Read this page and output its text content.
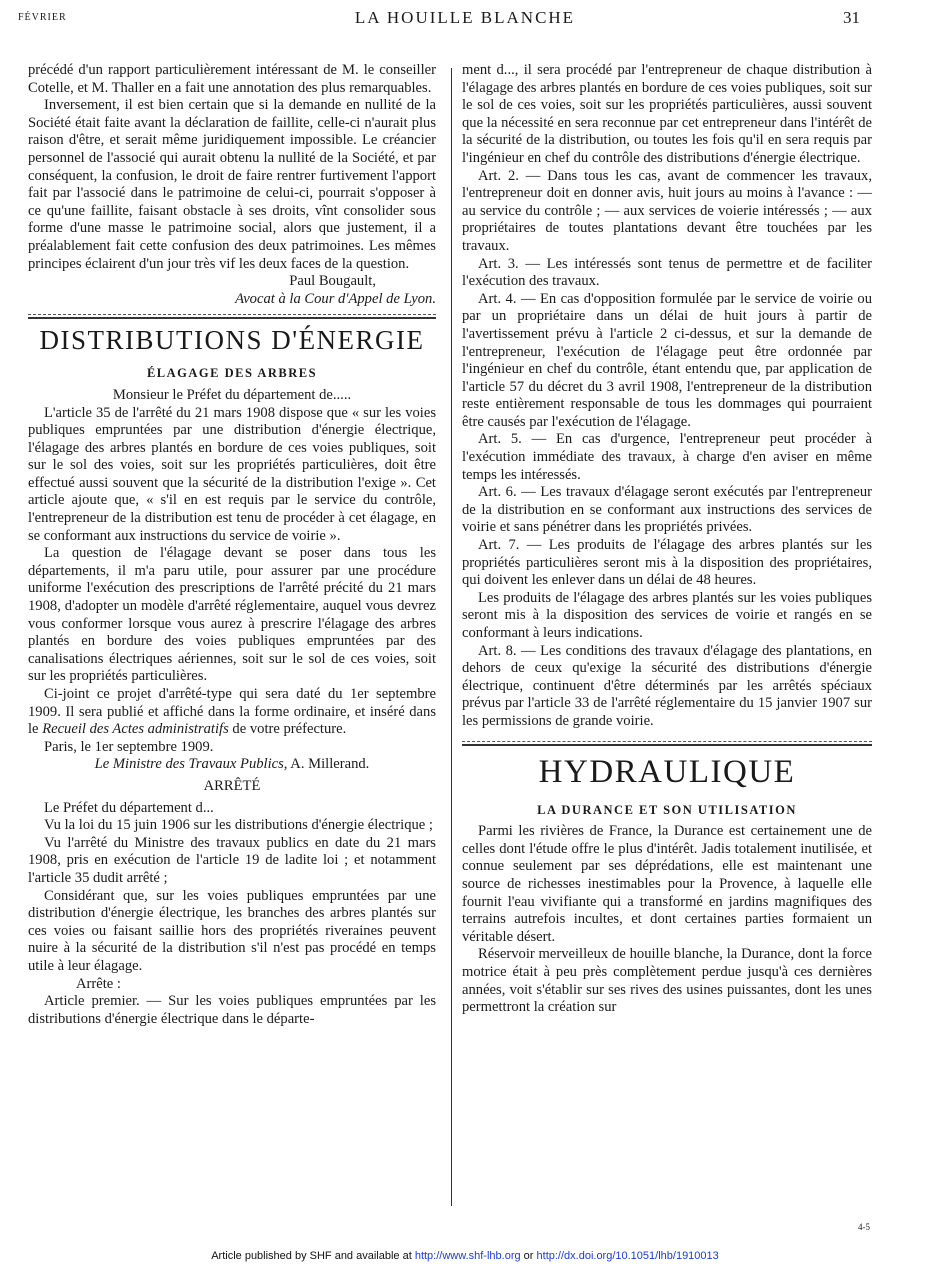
FÉVRIER	LA HOUILLE BLANCHE	31

précédé d'un rapport particulièrement intéressant de M. le conseiller Cotelle, et M. Thaller en a fait une annotation des plus remarquables.

Inversement, il est bien certain que si la demande en nullité de la Société était faite avant la déclaration de faillite, celle-ci n'aurait plus raison d'être, et serait même juridiquement impossible. Le créancier personnel de l'associé qui aurait obtenu la nullité de la Société, et par conséquent, la confusion, le droit de faire rentrer furtivement l'apport fait par l'associé dans le patrimoine de celui-ci, pourrait s'opposer à ce qu'une faillite, faisant obstacle à ses droits, vînt consolider sous forme d'une masse le patrimoine social, alors que justement, il a préalablement fait cette confusion des deux patrimoines. Les mêmes principes éclairent d'un jour très vif les deux faces de la question.

Paul Bougault,
Avocat à la Cour d'Appel de Lyon.
DISTRIBUTIONS D'ÉNERGIE
ÉLAGAGE DES ARBRES

Monsieur le Préfet du département de.....

L'article 35 de l'arrêté du 21 mars 1908 dispose que « sur les voies publiques empruntées par une distribution d'énergie électrique, l'élagage des arbres plantés en bordure de ces voies publiques, soit sur le sol des voies, soit sur les propriétés particulières, doit être effectué aussi souvent que la sécurité de la distribution l'exige ». Cet article ajoute que, « s'il en est requis par le service du contrôle, l'entrepreneur de la distribution est tenu de procéder à cet élagage, en se conformant aux instructions du service de voirie ».

La question de l'élagage devant se poser dans tous les départements, il m'a paru utile, pour assurer par une procédure uniforme l'exécution des prescriptions de l'arrêté précité du 21 mars 1908, d'adopter un modèle d'arrêté réglementaire, auquel vous devrez vous conformer lorsque vous aurez à prescrire l'élagage des arbres plantés en bordure des voies publiques empruntées par des canalisations électriques aériennes, soit sur le sol de ces voies, soit sur les propriétés particulières.

Ci-joint ce projet d'arrêté-type qui sera daté du 1er septembre 1909. Il sera publié et affiché dans la forme ordinaire, et inséré dans le Recueil des Actes administratifs de votre préfecture.

Paris, le 1er septembre 1909.

Le Ministre des Travaux Publics, A. Millerand.

ARRÊTÉ

Le Préfet du département d...

Vu la loi du 15 juin 1906 sur les distributions d'énergie électrique ;

Vu l'arrêté du Ministre des travaux publics en date du 21 mars 1908, pris en exécution de l'article 19 de ladite loi ; et notamment l'article 35 dudit arrêté ;

Considérant que, sur les voies publiques empruntées par une distribution d'énergie électrique, les branches des arbres plantés sur ces voies ou faisant saillie hors des propriétés riveraines peuvent nuire à la sécurité de la distribution s'il n'est pas procédé en temps utile à leur élagage.

Arrête :

Article premier. — Sur les voies publiques empruntées par les distributions d'énergie électrique dans le départe-

ment d..., il sera procédé par l'entrepreneur de chaque distribution à l'élagage des arbres plantés en bordure de ces voies publiques, soit sur le sol de ces voies, soit sur les propriétés particulières, aussi souvent que la nécessité en sera reconnue par cet entrepreneur dans l'intérêt de la sécurité de la distribution, ou toutes les fois qu'il en sera requis par l'ingénieur en chef du contrôle des distributions d'énergie électrique.

Art. 2. — Dans tous les cas, avant de commencer les travaux, l'entrepreneur doit en donner avis, huit jours au moins à l'avance : — au service du contrôle ; — aux services de voierie intéressés ; — aux propriétaires de toutes plantations devant être touchées par les travaux.

Art. 3. — Les intéressés sont tenus de permettre et de faciliter l'exécution des travaux.

Art. 4. — En cas d'opposition formulée par le service de voirie ou par un propriétaire dans un délai de huit jours à partir de l'avertissement prévu à l'article 2 ci-dessus, et sur la demande de l'entrepreneur, l'exécution de l'élagage peut être ordonnée par l'ingénieur en chef du contrôle, étant entendu que, par application de l'article 57 du décret du 3 avril 1908, l'entrepreneur de la distribution reste entièrement responsable de tous les dommages qui pourraient être causés par l'exécution de l'élagage.

Art. 5. — En cas d'urgence, l'entrepreneur peut procéder à l'exécution immédiate des travaux, à charge d'en aviser en même temps les intéressés.

Art. 6. — Les travaux d'élagage seront exécutés par l'entrepreneur de la distribution en se conformant aux instructions des services de voirie et sans pénétrer dans les propriétés privées.

Art. 7. — Les produits de l'élagage des arbres plantés sur les propriétés particulières seront mis à la disposition des propriétaires, qui doivent les enlever dans un délai de 48 heures.

Les produits de l'élagage des arbres plantés sur les voies publiques seront mis à la disposition des services de voirie et rangés en se conformant à leurs indications.

Art. 8. — Les conditions des travaux d'élagage des plantations, en dehors de ceux qu'exige la sécurité des distributions d'énergie électrique, continuent d'être déterminés par les arrêtés spéciaux prévus par l'article 33 de l'arrêté réglementaire du 15 janvier 1907 sur les permissions de grande voirie.

HYDRAULIQUE
LA DURANCE ET SON UTILISATION

Parmi les rivières de France, la Durance est certainement une de celles dont l'étude offre le plus d'intérêt. Jadis totalement inutilisée, et connue seulement par ses déprédations, elle est maintenant une source de richesses inestimables pour la Provence, à laquelle elle fournit l'eau vivifiante qui a transformé en jardins magnifiques des terrains autrefois incultes, et dont certaines parties formaient un véritable désert.

Réservoir merveilleux de houille blanche, la Durance, dont la force motrice était à peu près complètement perdue jusqu'à ces dernières années, voit s'établir sur ses rives des usines puissantes, dont les unes permettront la création sur

4-5
Article published by SHF and available at http://www.shf-lhb.org or http://dx.doi.org/10.1051/lhb/1910013
